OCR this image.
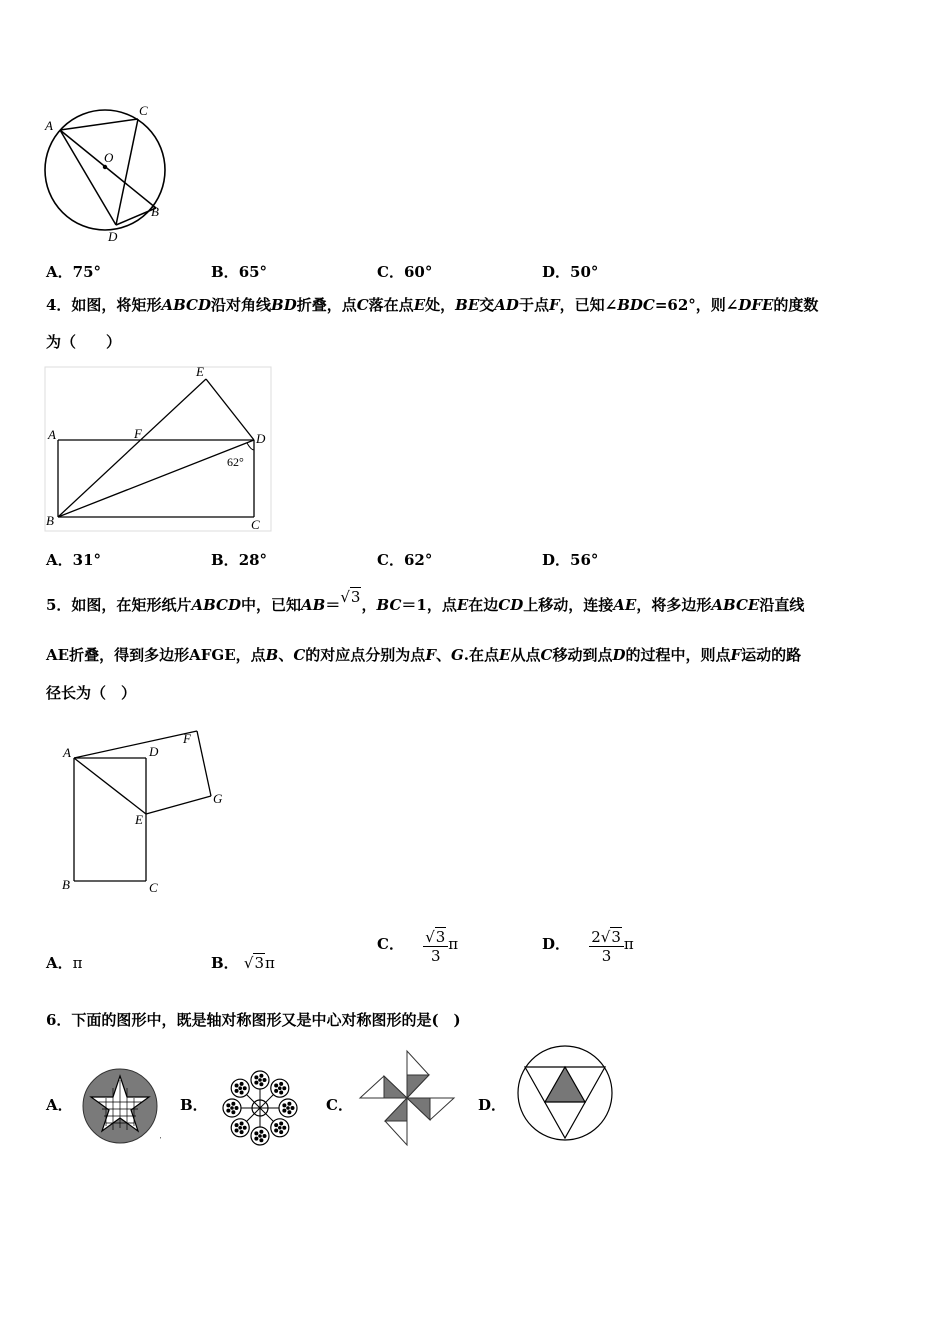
A
C
O
B
D
A．75°	B．65°	C．60°	D．50°
4．如图，将矩形ABCD沿对角线BD折叠，点C落在点E处，BE交AD于点F，已知∠BDC=62°，则∠DFE的度数
为（　　）
A	F
E
D
62°
B	C
A．31°	B．28°	C．62°	D．56°
5．如图，在矩形纸片ABCD中，已知AB＝√3，BC＝1，点E在边CD上移动，连接AE，将多边形ABCE沿直线
AE折叠，得到多边形AFGE，点B、C的对应点分别为点F、G.在点E从点C移动到点D的过程中，则点F运动的路
径长为（　）
A	D
F
G
E
B	C
A．π	B． √3π
C． $\frac{√3}{3}$ π	D． $\frac{2√3}{3}$ π
6．下面的图形中，既是轴对称图形又是中心对称图形的是(　)
A．
'
B．	C．	D．
